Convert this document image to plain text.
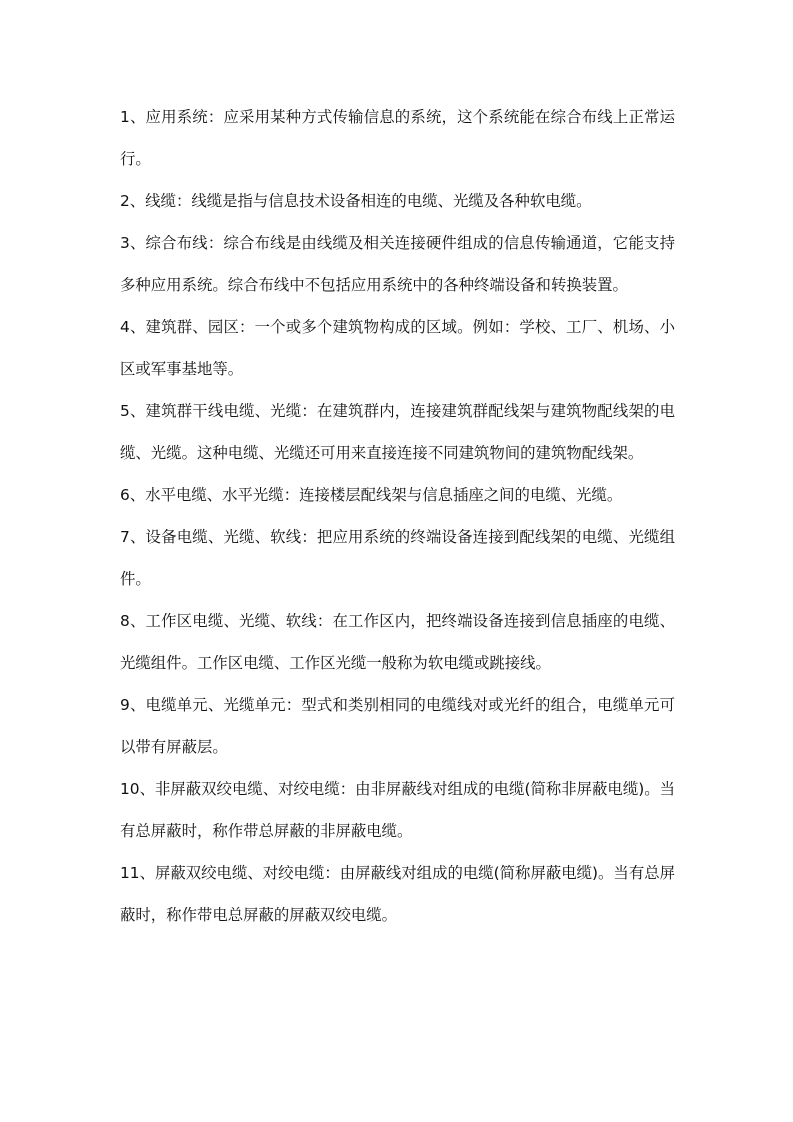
1、应用系统：应采用某种方式传输信息的系统，这个系统能在综合布线上正常运行。

2、线缆：线缆是指与信息技术设备相连的电缆、光缆及各种软电缆。

3、综合布线：综合布线是由线缆及相关连接硬件组成的信息传输通道，它能支持多种应用系统。综合布线中不包括应用系统中的各种终端设备和转换装置。

4、建筑群、园区：一个或多个建筑物构成的区域。例如：学校、工厂、机场、小区或军事基地等。

5、建筑群干线电缆、光缆：在建筑群内，连接建筑群配线架与建筑物配线架的电缆、光缆。这种电缆、光缆还可用来直接连接不同建筑物间的建筑物配线架。

6、水平电缆、水平光缆：连接楼层配线架与信息插座之间的电缆、光缆。

7、设备电缆、光缆、软线：把应用系统的终端设备连接到配线架的电缆、光缆组件。

8、工作区电缆、光缆、软线：在工作区内，把终端设备连接到信息插座的电缆、光缆组件。工作区电缆、工作区光缆一般称为软电缆或跳接线。

9、电缆单元、光缆单元：型式和类别相同的电缆线对或光纤的组合，电缆单元可以带有屏蔽层。

10、非屏蔽双绞电缆、对绞电缆：由非屏蔽线对组成的电缆(简称非屏蔽电缆)。当有总屏蔽时，称作带总屏蔽的非屏蔽电缆。

11、屏蔽双绞电缆、对绞电缆：由屏蔽线对组成的电缆(简称屏蔽电缆)。当有总屏蔽时，称作带电总屏蔽的屏蔽双绞电缆。
